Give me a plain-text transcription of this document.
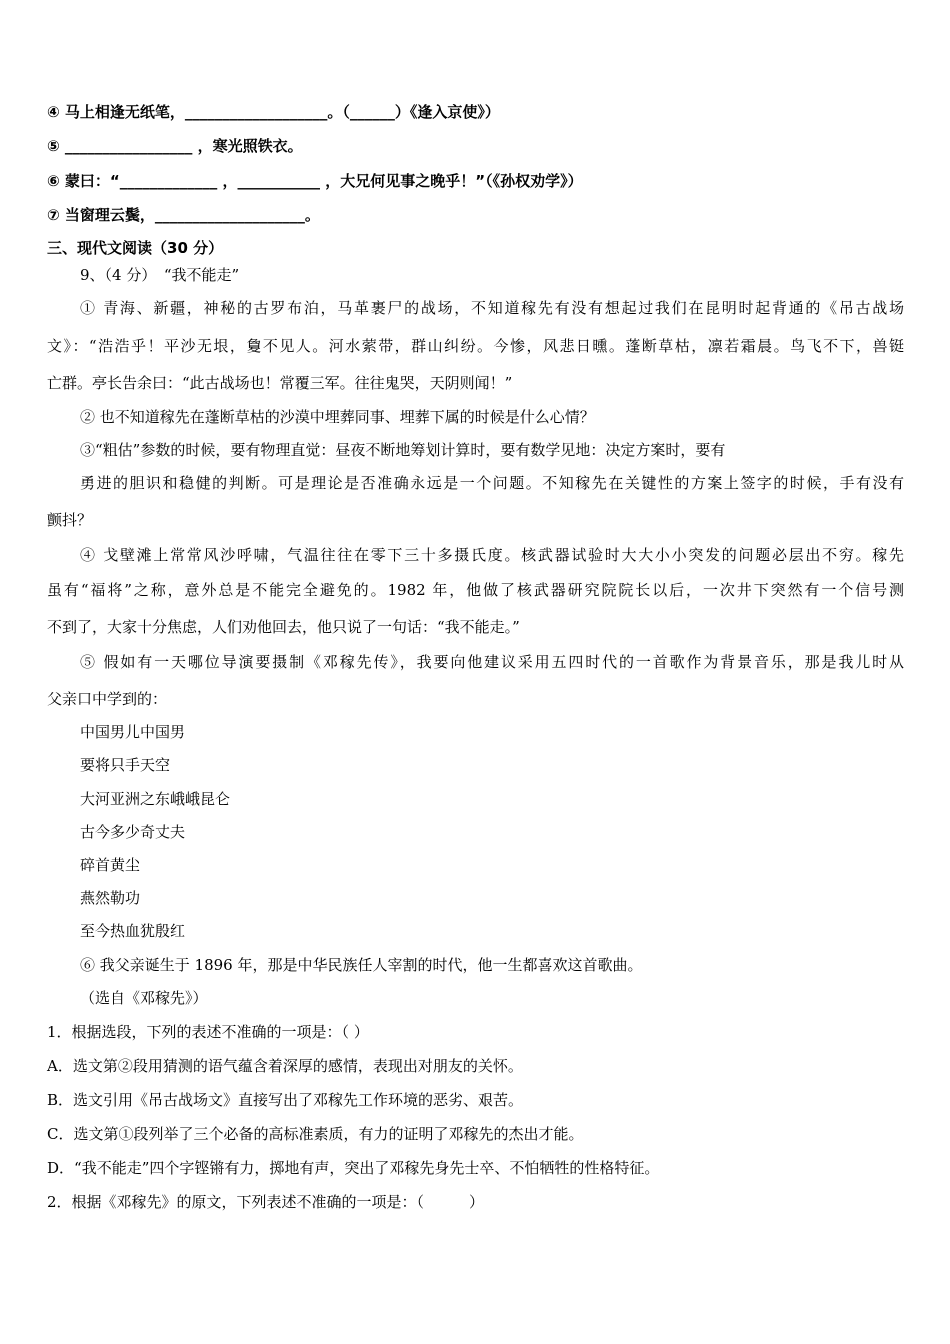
④ 马上相逢无纸笔，___________________。（______）《逢入京使》）
⑤ _________________ ，寒光照铁衣。
⑥ 蒙曰：“_____________ ，___________ ，大兄何见事之晚乎！”（《孙权劝学》）
⑦ 当窗理云鬓，____________________。
三、现代文阅读（30 分）
9、（4 分）　“我不能走”
① 青海、新疆，神秘的古罗布泊，马革裹尸的战场，不知道稼先有没有想起过我们在昆明时起背通的《吊古战场
文》：“浩浩乎！平沙无垠，敻不见人。河水萦带，群山纠纷。今惨，风悲日曛。蓬断草枯，凛若霜晨。鸟飞不下，兽铤
亡群。亭长告余曰：“此古战场也！常覆三军。往往鬼哭，天阴则闻！”
② 也不知道稼先在蓬断草枯的沙漠中埋葬同事、埋葬下属的时候是什么心情？
③“粗估”参数的时候，要有物理直觉：昼夜不断地筹划计算时，要有数学见地：决定方案时，要有
勇进的胆识和稳健的判断。可是理论是否准确永远是一个问题。不知稼先在关键性的方案上签字的时候，手有没有
颤抖？
④ 戈壁滩上常常风沙呼啸，气温往往在零下三十多摄氏度。核武器试验时大大小小突发的问题必层出不穷。稼先
虽有“福将”之称，意外总是不能完全避免的。1982 年，他做了核武器研究院院长以后，一次井下突然有一个信号测
不到了，大家十分焦虑，人们劝他回去，他只说了一句话：“我不能走。”
⑤ 假如有一天哪位导演要摄制《邓稼先传》，我要向他建议采用五四时代的一首歌作为背景音乐，那是我儿时从
父亲口中学到的：
中国男儿中国男
要将只手天空
大河亚洲之东峨峨昆仑
古今多少奇丈夫
碎首黄尘
燕然勒功
至今热血犹殷红
⑥ 我父亲诞生于 1896 年，那是中华民族任人宰割的时代，他一生都喜欢这首歌曲。
（选自《邓稼先》）
1．根据选段，下列的表述不准确的一项是：（ ）
A．选文第②段用猜测的语气蕴含着深厚的感情，表现出对朋友的关怀。
B．选文引用《吊古战场文》直接写出了邓稼先工作环境的恶劣、艰苦。
C．选文第①段列举了三个必备的高标准素质，有力的证明了邓稼先的杰出才能。
D．“我不能走”四个字铿锵有力，掷地有声，突出了邓稼先身先士卒、不怕牺牲的性格特征。
2．根据《邓稼先》的原文，下列表述不准确的一项是：（　　　）
